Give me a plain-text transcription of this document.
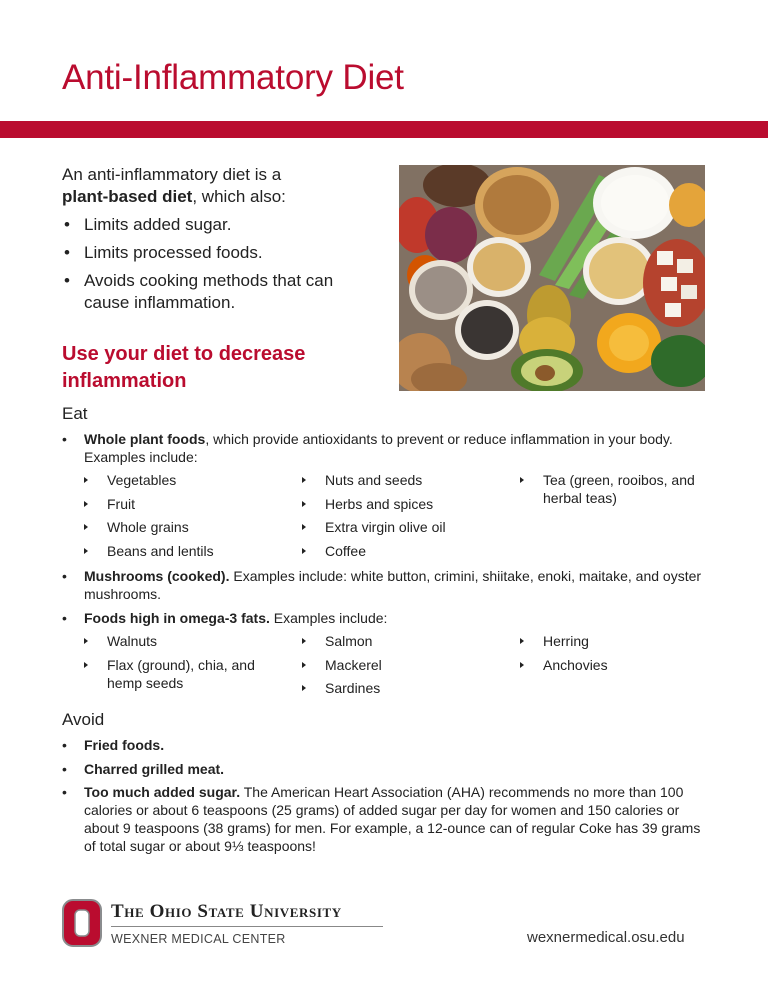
Anti-Inflammatory Diet

An anti-inflammatory diet is a
plant-based diet, which also:

• Limits added sugar.
• Limits processed foods.
• Avoids cooking methods that can cause inflammation.
Use your diet to decrease inflammation
Eat
• Whole plant foods, which provide antioxidants to prevent or reduce inflammation in your body. Examples include:
Vegetables
Fruit
Whole grains
Beans and lentils
Nuts and seeds
Herbs and spices
Extra virgin olive oil
Coffee
Tea (green, rooibos, and herbal teas)
• Mushrooms (cooked). Examples include: white button, crimini, shiitake, enoki, maitake, and oyster mushrooms.
• Foods high in omega-3 fats. Examples include:
Walnuts
Flax (ground), chia, and hemp seeds
Salmon
Mackerel
Sardines
Herring
Anchovies
Avoid
• Fried foods.
• Charred grilled meat.
• Too much added sugar. The American Heart Association (AHA) recommends no more than 100 calories or about 6 teaspoons (25 grams) of added sugar per day for women and 150 calories or about 9 teaspoons (38 grams) for men. For example, a 12-ounce can of regular Coke has 39 grams of total sugar or about 9⅓ teaspoons!
The Ohio State University
WEXNER MEDICAL CENTER	wexnermedical.osu.edu
